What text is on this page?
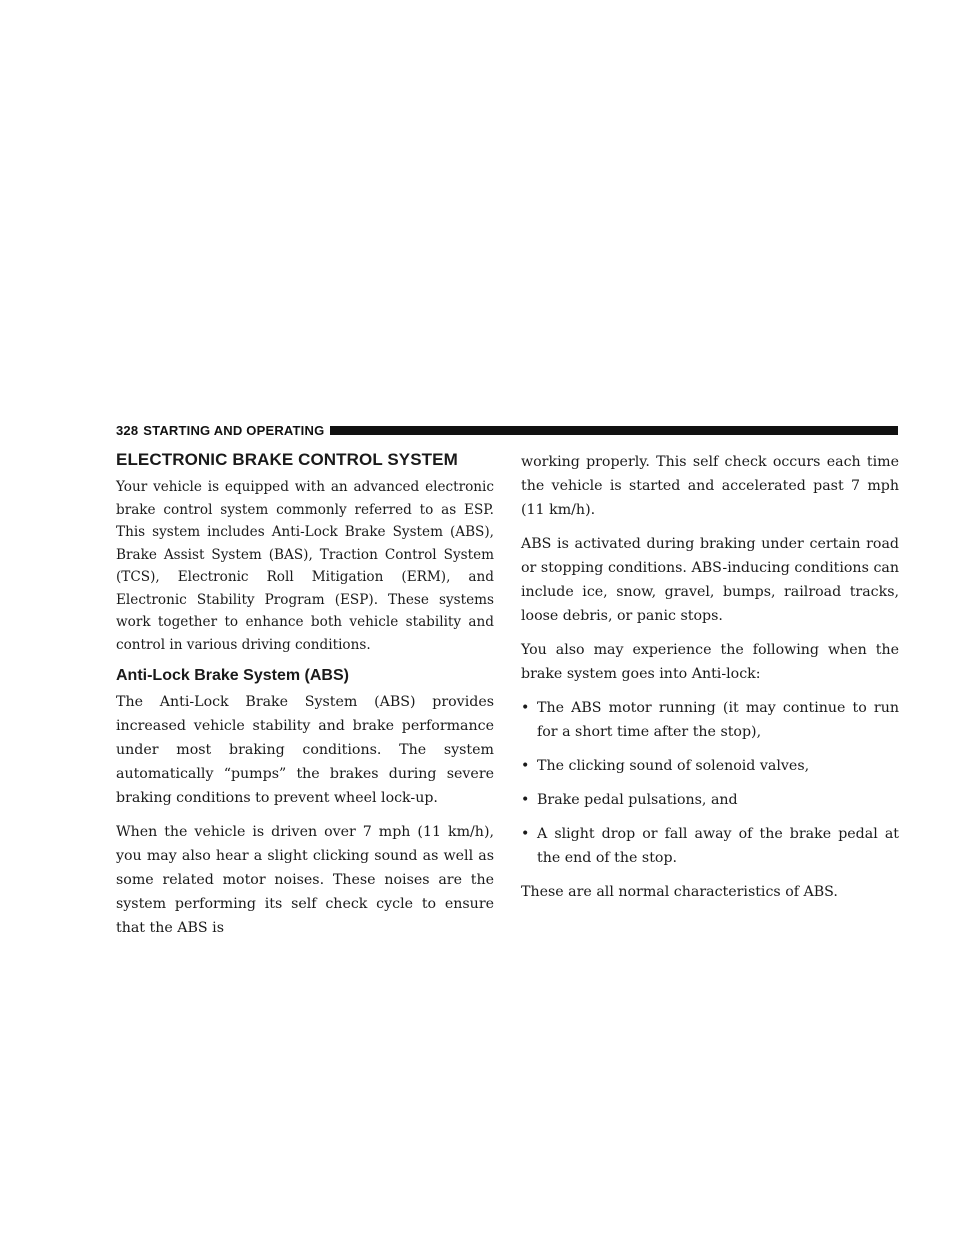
328 STARTING AND OPERATING
ELECTRONIC BRAKE CONTROL SYSTEM

Your vehicle is equipped with an advanced electronic brake control system commonly referred to as ESP. This system includes Anti-Lock Brake System (ABS), Brake Assist System (BAS), Traction Control System (TCS), Electronic Roll Mitigation (ERM), and Electronic Stability Program (ESP). These systems work together to enhance both vehicle stability and control in various driving conditions.

Anti-Lock Brake System (ABS)

The Anti-Lock Brake System (ABS) provides increased vehicle stability and brake performance under most braking conditions. The system automatically “pumps” the brakes during severe braking conditions to prevent wheel lock-up.

When the vehicle is driven over 7 mph (11 km/h), you may also hear a slight clicking sound as well as some related motor noises. These noises are the system performing its self check cycle to ensure that the ABS is

working properly. This self check occurs each time the vehicle is started and accelerated past 7 mph (11 km/h).

ABS is activated during braking under certain road or stopping conditions. ABS-inducing conditions can include ice, snow, gravel, bumps, railroad tracks, loose debris, or panic stops.

You also may experience the following when the brake system goes into Anti-lock:

• The ABS motor running (it may continue to run for a short time after the stop),
• The clicking sound of solenoid valves,
• Brake pedal pulsations, and
• A slight drop or fall away of the brake pedal at the end of the stop.

These are all normal characteristics of ABS.
